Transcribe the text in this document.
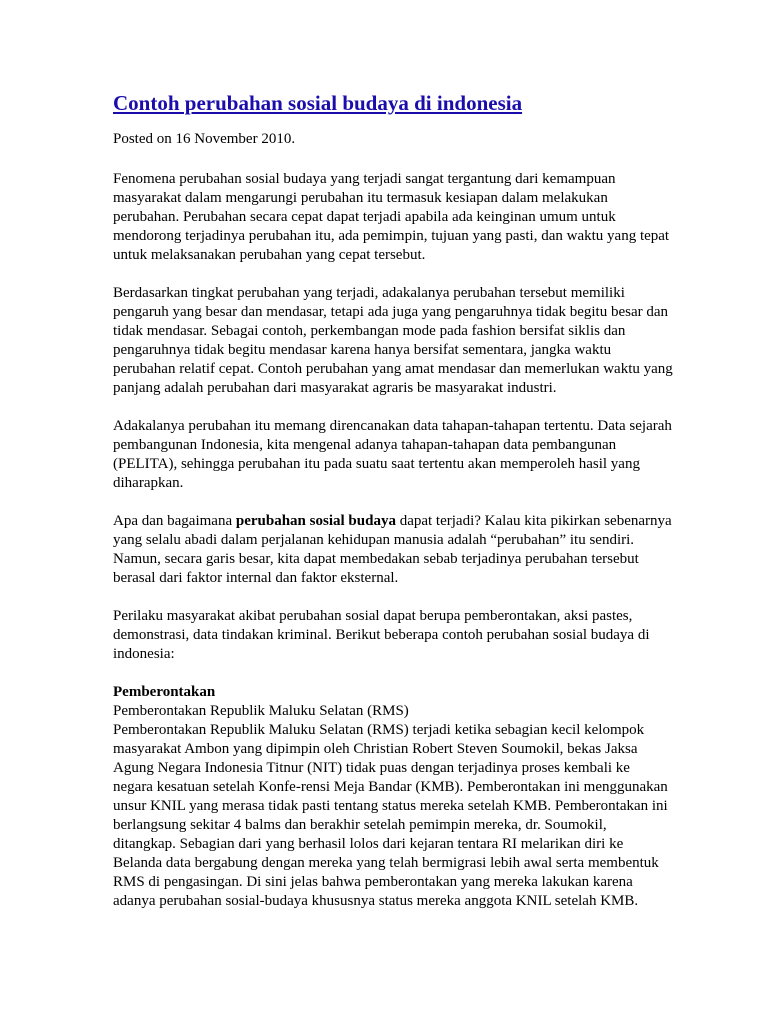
Contoh perubahan sosial budaya di indonesia

Posted on 16 November 2010.

Fenomena perubahan sosial budaya yang terjadi sangat tergantung dari kemampuan masyarakat dalam mengarungi perubahan itu termasuk kesiapan dalam melakukan perubahan. Perubahan secara cepat dapat terjadi apabila ada keinginan umum untuk mendorong terjadinya perubahan itu, ada pemimpin, tujuan yang pasti, dan waktu yang tepat untuk melaksanakan perubahan yang cepat tersebut.

Berdasarkan tingkat perubahan yang terjadi, adakalanya perubahan tersebut memiliki pengaruh yang besar dan mendasar, tetapi ada juga yang pengaruhnya tidak begitu besar dan tidak mendasar. Sebagai contoh, perkembangan mode pada fashion bersifat siklis dan pengaruhnya tidak begitu mendasar karena hanya bersifat sementara, jangka waktu perubahan relatif cepat. Contoh perubahan yang amat mendasar dan memerlukan waktu yang panjang adalah perubahan dari masyarakat agraris be masyarakat industri.

Adakalanya perubahan itu memang direncanakan data tahapan-tahapan tertentu. Data sejarah pembangunan Indonesia, kita mengenal adanya tahapan-tahapan data pembangunan (PELITA), sehingga perubahan itu pada suatu saat tertentu akan memperoleh hasil yang diharapkan.

Apa dan bagaimana perubahan sosial budaya dapat terjadi? Kalau kita pikirkan sebenarnya yang selalu abadi dalam perjalanan kehidupan manusia adalah “perubahan” itu sendiri. Namun, secara garis besar, kita dapat membedakan sebab terjadinya perubahan tersebut berasal dari faktor internal dan faktor eksternal.

Perilaku masyarakat akibat perubahan sosial dapat berupa pemberontakan, aksi pastes, demonstrasi, data tindakan kriminal. Berikut beberapa contoh perubahan sosial budaya di indonesia:

Pemberontakan
Pemberontakan Republik Maluku Selatan (RMS)
Pemberontakan Republik Maluku Selatan (RMS) terjadi ketika sebagian kecil kelompok masyarakat Ambon yang dipimpin oleh Christian Robert Steven Soumokil, bekas Jaksa Agung Negara Indonesia Titnur (NIT) tidak puas dengan terjadinya proses kembali ke negara kesatuan setelah Konfe-rensi Meja Bandar (KMB). Pemberontakan ini menggunakan unsur KNIL yang merasa tidak pasti tentang status mereka setelah KMB. Pemberontakan ini berlangsung sekitar 4 balms dan berakhir setelah pemimpin mereka, dr. Soumokil, ditangkap. Sebagian dari yang berhasil lolos dari kejaran tentara RI melarikan diri ke Belanda data bergabung dengan mereka yang telah bermigrasi lebih awal serta membentuk RMS di pengasingan. Di sini jelas bahwa pemberontakan yang mereka lakukan karena adanya perubahan sosial-budaya khususnya status mereka anggota KNIL setelah KMB.
